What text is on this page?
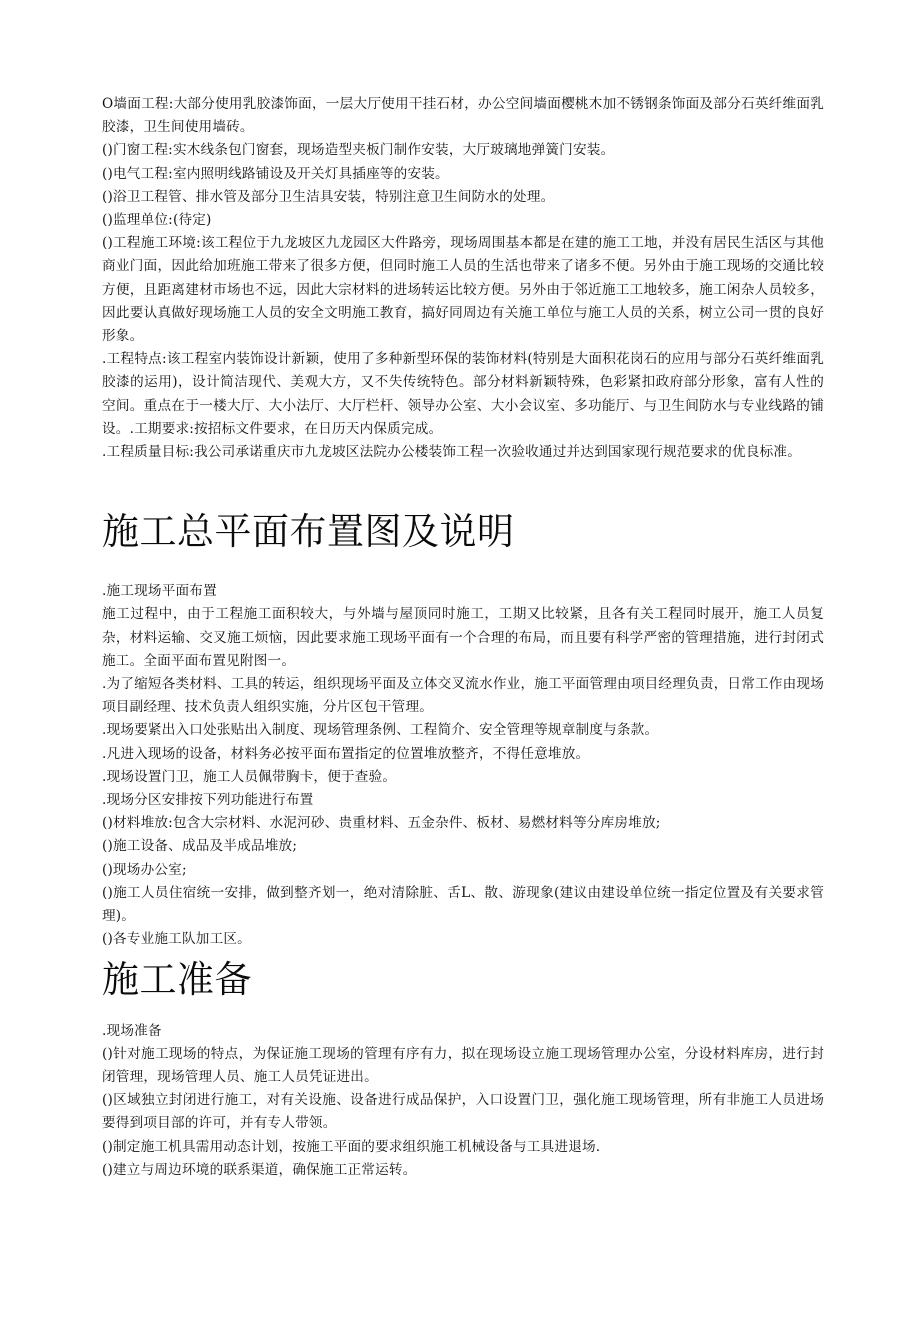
O墙面工程:大部分使用乳胶漆饰面，一层大厅使用干挂石材，办公空间墙面樱桃木加不锈钢条饰面及部分石英纤维面乳胶漆，卫生间使用墙砖。

()门窗工程:实木线条包门窗套，现场造型夹板门制作安装，大厅玻璃地弹簧门安装。

()电气工程:室内照明线路铺设及开关灯具插座等的安装。

()浴卫工程管、排水管及部分卫生洁具安装，特别注意卫生间防水的处理。

()监理单位:(待定)

()工程施工环境:该工程位于九龙坡区九龙园区大件路旁，现场周围基本都是在建的施工工地，并没有居民生活区与其他商业门面，因此给加班施工带来了很多方便，但同时施工人员的生活也带来了诸多不便。另外由于施工现场的交通比较方便，且距离建材市场也不远，因此大宗材料的进场转运比较方便。另外由于邻近施工工地较多，施工闲杂人员较多，因此要认真做好现场施工人员的安全文明施工教育，搞好同周边有关施工单位与施工人员的关系，树立公司一贯的良好形象。

.工程特点:该工程室内装饰设计新颖，使用了多种新型环保的装饰材料(特别是大面积花岗石的应用与部分石英纤维面乳胶漆的运用)，设计简洁现代、美观大方，又不失传统特色。部分材料新颖特殊，色彩紧扣政府部分形象，富有人性的空间。重点在于一楼大厅、大小法厅、大厅栏杆、领导办公室、大小会议室、多功能厅、与卫生间防水与专业线路的铺设。.工期要求:按招标文件要求，在日历天内保质完成。

.工程质量目标:我公司承诺重庆市九龙坡区法院办公楼装饰工程一次验收通过并达到国家现行规范要求的优良标准。

施工总平面布置图及说明

.施工现场平面布置

施工过程中，由于工程施工面积较大，与外墙与屋顶同时施工，工期又比较紧，且各有关工程同时展开，施工人员复杂，材料运输、交叉施工烦恼，因此要求施工现场平面有一个合理的布局，而且要有科学严密的管理措施，进行封闭式施工。全面平面布置见附图一。

.为了缩短各类材料、工具的转运，组织现场平面及立体交叉流水作业，施工平面管理由项目经理负责，日常工作由现场项目副经理、技术负责人组织实施，分片区包干管理。

.现场要紧出入口处张贴出入制度、现场管理条例、工程简介、安全管理等规章制度与条款。

.凡进入现场的设备，材料务必按平面布置指定的位置堆放整齐，不得任意堆放。

.现场设置门卫，施工人员佩带胸卡，便于查验。

.现场分区安排按下列功能进行布置

()材料堆放:包含大宗材料、水泥河砂、贵重材料、五金杂件、板材、易燃材料等分库房堆放;

()施工设备、成品及半成品堆放;

()现场办公室;

()施工人员住宿统一安排，做到整齐划一，绝对清除脏、舌L、散、游现象(建议由建设单位统一指定位置及有关要求管理)。

()各专业施工队加工区。

施工准备

.现场准备

()针对施工现场的特点，为保证施工现场的管理有序有力，拟在现场设立施工现场管理办公室，分设材料库房，进行封闭管理，现场管理人员、施工人员凭证进出。

()区域独立封闭进行施工，对有关设施、设备进行成品保护，入口设置门卫，强化施工现场管理，所有非施工人员进场要得到项目部的许可，并有专人带领。

()制定施工机具需用动态计划，按施工平面的要求组织施工机械设备与工具进退场.

()建立与周边环境的联系渠道，确保施工正常运转。
